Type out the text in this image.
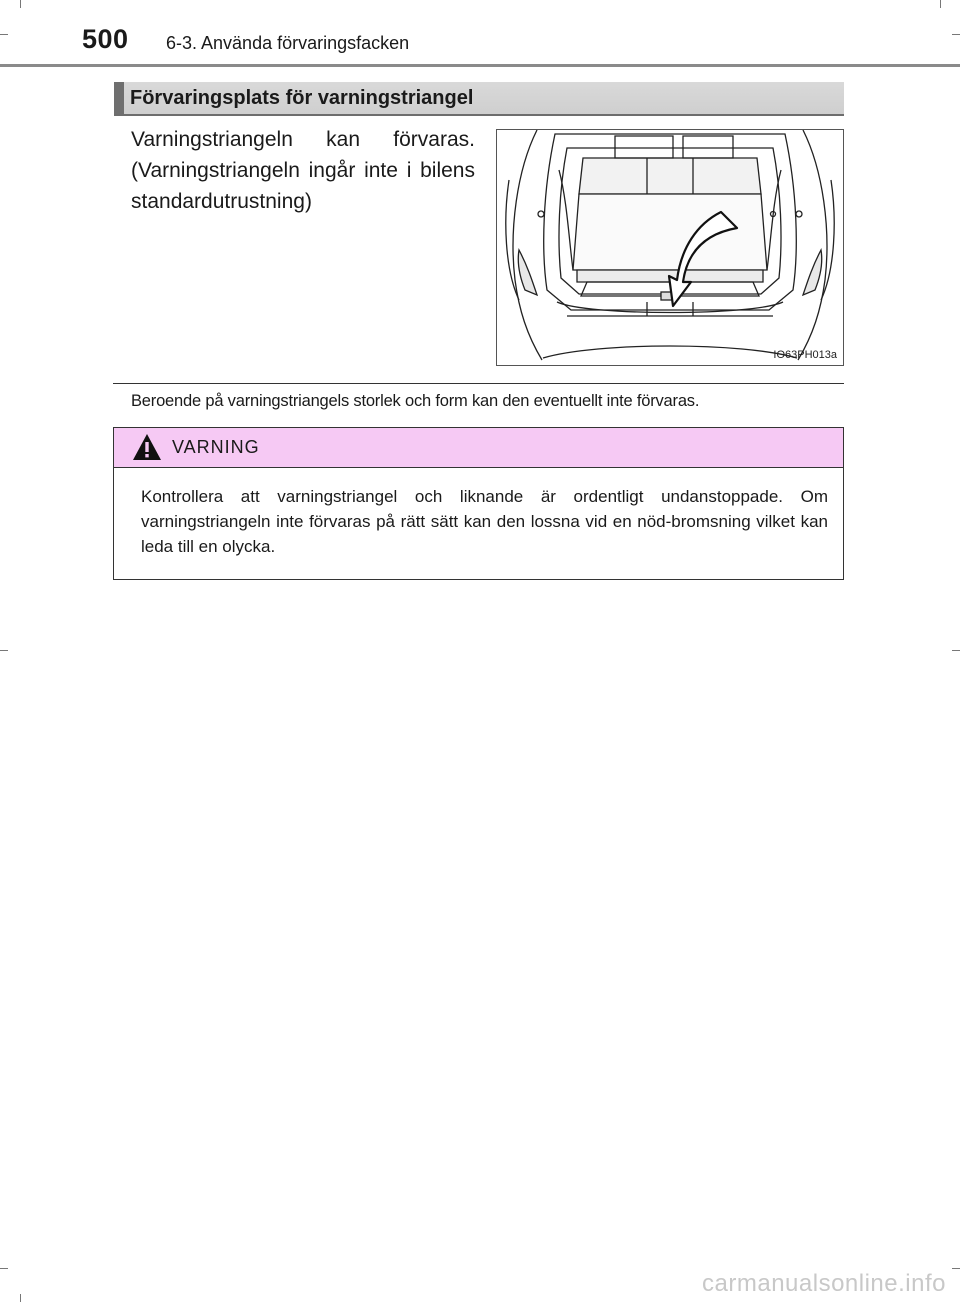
500 6-3. Använda förvaringsfacken
Förvaringsplats för varningstriangel
Varningstriangeln kan förvaras. (Varningstriangeln ingår inte i bilens standardutrustning)
IO63PH013a
Beroende på varningstriangels storlek och form kan den eventuellt inte förvaras.
VARNING
Kontrollera att varningstriangel och liknande är ordentligt undanstoppade. Om varningstriangeln inte förvaras på rätt sätt kan den lossna vid en nöd-bromsning vilket kan leda till en olycka.
carmanualsonline.info
